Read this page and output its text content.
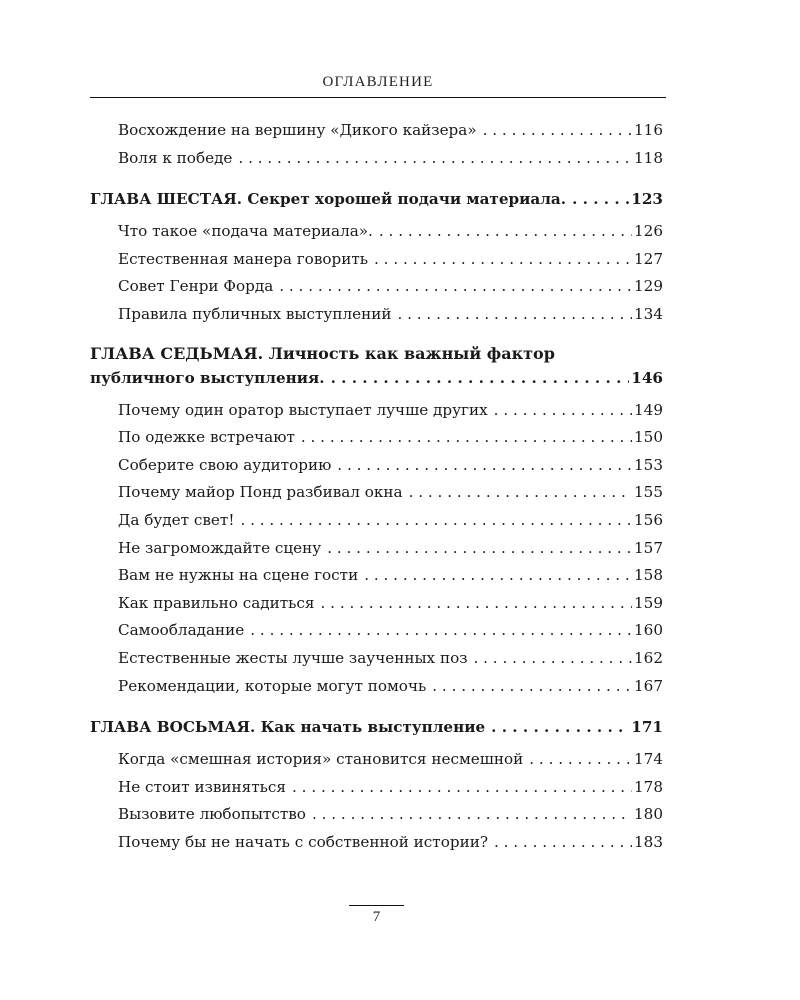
ОГЛАВЛЕНИЕ
Восхождение на вершину «Дикого кайзера» . . .	116
Воля к победе . . .	118
ГЛАВА ШЕСТАЯ. Секрет хорошей подачи материала. . . .	123
Что такое «подача материала». . . .	126
Естественная манера говорить . . .	127
Совет Генри Форда . . .	129
Правила публичных выступлений . . .	134
ГЛАВА СЕДЬМАЯ. Личность как важный фактор
публичного выступления. . . .	146
Почему один оратор выступает лучше других . . .	149
По одежке встречают . . .	150
Соберите свою аудиторию . . .	153
Почему майор Понд разбивал окна . . .	155
Да будет свет! . . .	156
Не загромождайте сцену . . .	157
Вам не нужны на сцене гости . . .	158
Как правильно садиться . . .	159
Самообладание . . .	160
Естественные жесты лучше заученных поз . . .	162
Рекомендации, которые могут помочь . . .	167
ГЛАВА ВОСЬМАЯ. Как начать выступление . . .	171
Когда «смешная история» становится несмешной . . .	174
Не стоит извиняться . . .	178
Вызовите любопытство . . .	180
Почему бы не начать с собственной истории? . . .	183
7
